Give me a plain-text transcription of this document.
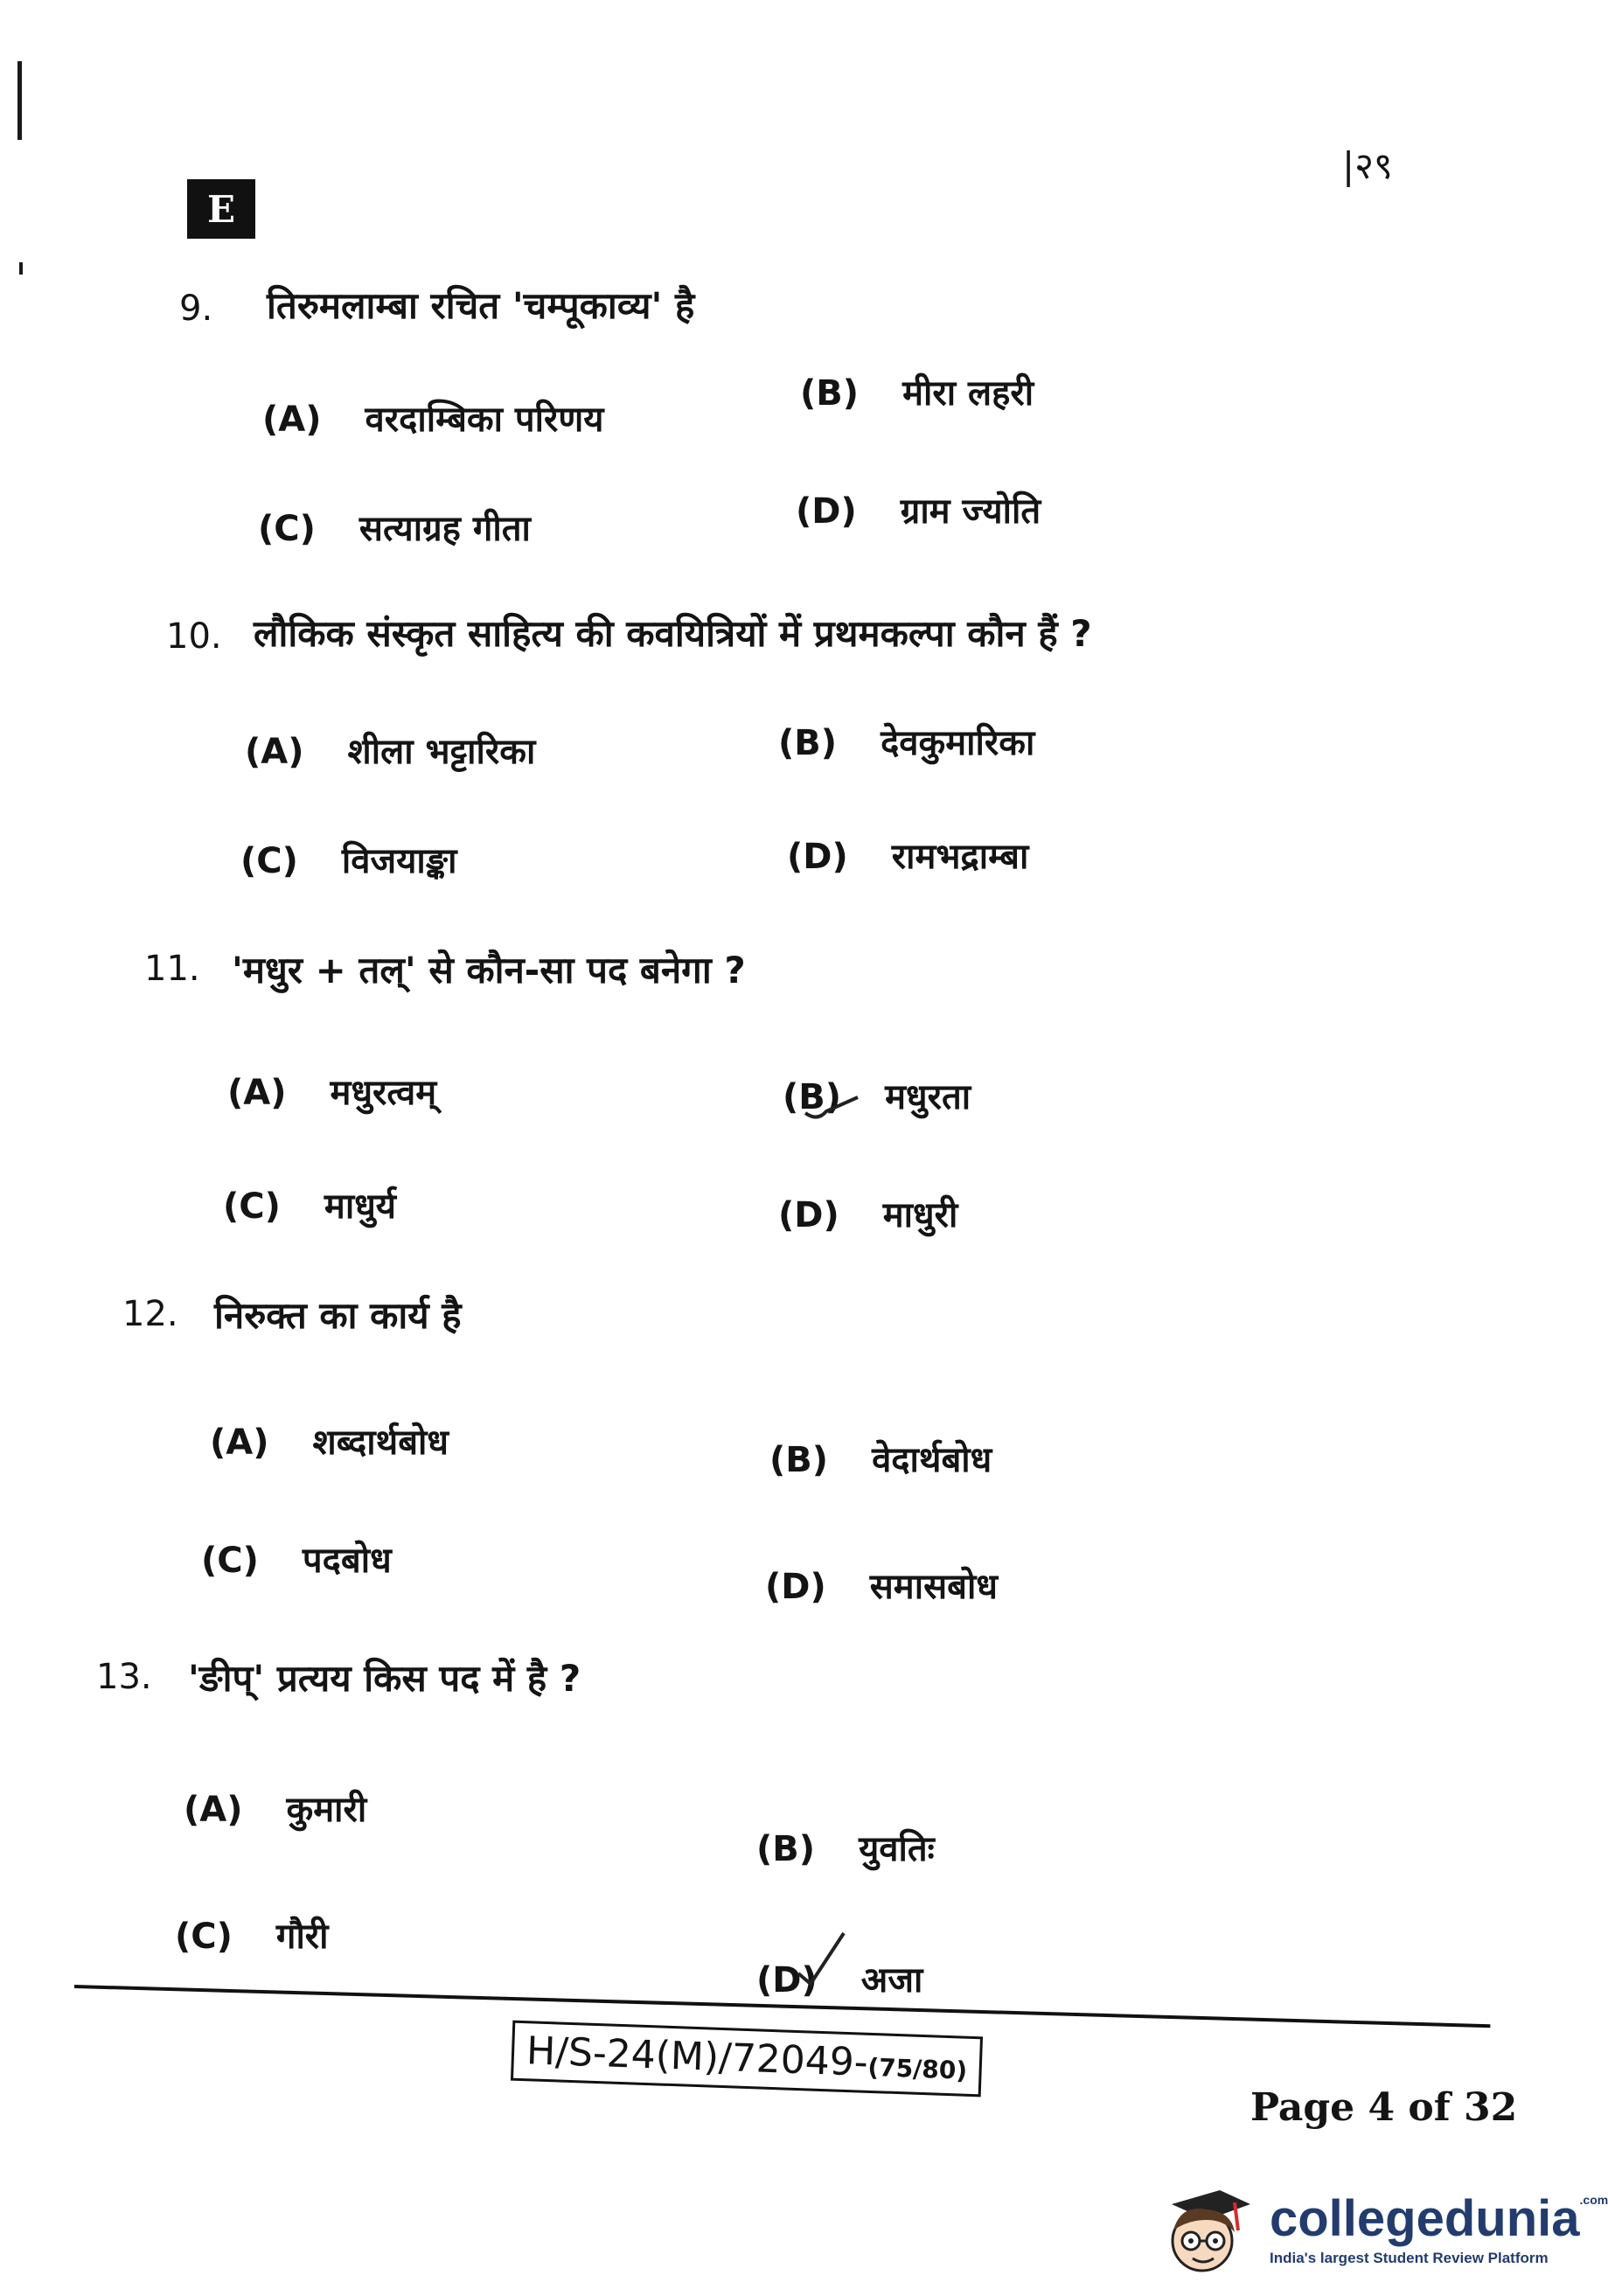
|२९
E
9. तिरुमलाम्बा रचित 'चम्पूकाव्य' है
(A) वरदाम्बिका परिणय
(B) मीरा लहरी
(C) सत्याग्रह गीता	(D) ग्राम ज्योति
10. लौकिक संस्कृत साहित्य की कवयित्रियों में प्रथमकल्पा कौन हैं ?
(A) शीला भट्टारिका	(B) देवकुमारिका
(C) विजयाङ्का	(D) रामभद्राम्बा
11. 'मधुर + तल्' से कौन-सा पद बनेगा ?
(A) मधुरत्वम्	(B) मधुरता
(C) माधुर्य	(D) माधुरी
12. निरुक्त का कार्य है
(A) शब्दार्थबोध	(B) वेदार्थबोध
(C) पदबोध
(D) समासबोध
13. 'ङीप्' प्रत्यय किस पद में है ?
(A) कुमारी
(B) युवतिः
(C) गौरी
(D) अजा
H/S-24(M)/72049-(75/80)
Page 4 of 32
collegedunia$^{.com}$
India's largest Student Review Platform
